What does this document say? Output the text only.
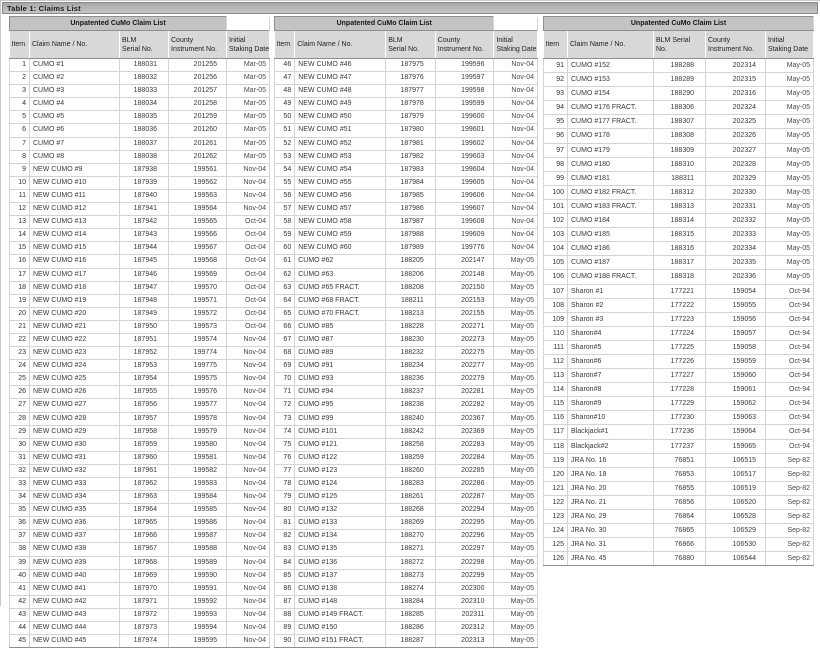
Table 1: Claims List
Unpatented CuMo Claim List				

Item	Claim Name / No.

BLM
Serial No.

County
Instrument No.

Initial
Staking Date

1	CUMO #1	188031	201255	Mar-05
2	CUMO #2	188032	201256	Mar-05
3	CUMO #3	188033	201257	Mar-05
4	CUMO #4	188034	201258	Mar-05
5	CUMO #5	188035	201259	Mar-05
6	CUMO #6	188036	201260	Mar-05
7	CUMO #7	188037	201261	Mar-05
8	CUMO #8	188038	201262	Mar-05
9	NEW CUMO #9	187938	199561	Nov-04
10	NEW CUMO #10	187939	199562	Nov-04
11	NEW CUMO #11	187940	199563	Nov-04
12	NEW CUMO #12	187941	199564	Nov-04
13	NEW CUMO #13	187942	199565	Oct-04
14	NEW CUMO #14	187943	199566	Oct-04
15	NEW CUMO #15	187944	199567	Oct-04
16	NEW CUMO #16	187945	199568	Oct-04
17	NEW CUMO #17	187946	199569	Oct-04
18	NEW CUMO #18	187947	199570	Oct-04
19	NEW CUMO #19	187948	199571	Oct-04
20	NEW CUMO #20	187949	199572	Oct-04
21	NEW CUMO #21	187950	199573	Oct-04
22	NEW CUMO #22	187951	199574	Nov-04
23	NEW CUMO #23	187952	199774	Nov-04
24	NEW CUMO #24	187953	199775	Nov-04
25	NEW CUMO #25	187954	199575	Nov-04
26	NEW CUMO #26	187955	199576	Nov-04
27	NEW CUMO #27	187956	199577	Nov-04
28	NEW CUMO #28	187957	199578	Nov-04
29	NEW CUMO #29	187958	199579	Nov-04
30	NEW CUMO #30	187959	199580	Nov-04
31	NEW CUMO #31	187960	199581	Nov-04
32	NEW CUMO #32	187961	199582	Nov-04
33	NEW CUMO #33	187962	199583	Nov-04
34	NEW CUMO #34	187963	199584	Nov-04
35	NEW CUMO #35	187964	199585	Nov-04
36	NEW CUMO #36	187965	199586	Nov-04
37	NEW CUMO #37	187966	199587	Nov-04
38	NEW CUMO #38	187967	199588	Nov-04
39	NEW CUMO #39	187968	199589	Nov-04
40	NEW CUMO #40	187969	199590	Nov-04
41	NEW CUMO #41	187970	199591	Nov-04
42	NEW CUMO #42	187971	199592	Nov-04
43	NEW CUMO #43	187972	199593	Nov-04
44	NEW CUMO #44	187973	199594	Nov-04
45	NEW CUMO #45	187974	199595	Nov-04
Unpatented CuMo Claim List				

Item	Claim Name / No.

BLM
Serial No.

County
Instrument No.

Initial
Staking Date

46	NEW CUMO #46	187975	199596	Nov-04
47	NEW CUMO #47	187976	199597	Nov-04
48	NEW CUMO #48	187977	199598	Nov-04
49	NEW CUMO #49	187978	199599	Nov-04
50	NEW CUMO #50	187979	199600	Nov-04
51	NEW CUMO #51	187980	199601	Nov-04
52	NEW CUMO #52	187981	199602	Nov-04
53	NEW CUMO #53	187982	199603	Nov-04
54	NEW CUMO #54	187983	199604	Nov-04
55	NEW CUMO #55	187984	199605	Nov-04
56	NEW CUMO #56	187985	199606	Nov-04
57	NEW CUMO #57	187986	199607	Nov-04
58	NEW CUMO #58	187987	199608	Nov-04
59	NEW CUMO #59	187988	199609	Nov-04
60	NEW CUMO #60	187989	199776	Nov-04
61	CUMO #62	188205	202147	May-05
62	CUMO #63	188206	202148	May-05
63	CUMO #65 FRACT.	188208	202150	May-05
64	CUMO #68 FRACT.	188211	202153	May-05
65	CUMO #70 FRACT.	188213	202155	May-05
66	CUMO #85	188228	202271	May-05
67	CUMO #87	188230	202273	May-05
68	CUMO #89	188232	202275	May-05
69	CUMO #91	188234	202277	May-05
70	CUMO #93	188236	202279	May-05
71	CUMO #94	188237	202281	May-05
72	CUMO #95	188238	202282	May-05
73	CUMO #99	188240	202367	May-05
74	CUMO #101	188242	202369	May-05
75	CUMO #121	188258	202283	May-05
76	CUMO #122	188259	202284	May-05
77	CUMO #123	188260	202285	May-05
78	CUMO #124	188283	202286	May-05
79	CUMO #125	188261	202287	May-05
80	CUMO #132	188268	202294	May-05
81	CUMO #133	188269	202295	May-05
82	CUMO #134	188270	202296	May-05
83	CUMO #135	188271	202297	May-05
84	CUMO #136	188272	202298	May-05
85	CUMO #137	188273	202299	May-05
86	CUMO #138	188274	202300	May-05
87	CUMO #148	188284	202310	May-05
88	CUMO #149 FRACT.	188285	202311	May-05
89	CUMO #150	188286	202312	May-05
90	CUMO #151 FRACT.	188287	202313	May-05
Unpatented CuMo Claim List				

Item	Claim Name / No.

BLM Serial
No.

County
Instrument No.

Initial
Staking Date

91	CUMO #152	188288	202314	May-05
92	CUMO #153	188289	202315	May-05
93	CUMO #154	188290	202316	May-05
94	CUMO #176 FRACT.	188306	202324	May-05
95	CUMO #177 FRACT.	188307	202325	May-05
96	CUMO #178	188308	202326	May-05
97	CUMO #179	188309	202327	May-05
98	CUMO #180	188310	202328	May-05
99	CUMO #181	188311	202329	May-05
100	CUMO #182 FRACT.	188312	202330	May-05
101	CUMO #183 FRACT.	188313	202331	May-05
102	CUMO #184	188314	202332	May-05
103	CUMO #185	188315	202333	May-05
104	CUMO #186	188316	202334	May-05
105	CUMO #187	188317	202335	May-05
106	CUMO #188 FRACT.	188318	202336	May-05
107	Sharon #1	177221	159054	Oct-94
108	Sharon #2	177222	159055	Oct-94
109	Sharon #3	177223	159056	Oct-94
110	Sharon#4	177224	159057	Oct-94
111	Sharon#5	177225	159058	Oct-94
112	Sharon#6	177226	159059	Oct-94
113	Sharon#7	177227	159060	Oct-94
114	Sharon#8	177228	159061	Oct-94
115	Sharon#9	177229	159062	Oct-94
116	Sharon#10	177230	159063	Oct-94
117	Blackjack#1	177236	159064	Oct-94
118	Blackjack#2	177237	159065	Oct-94
119	JRA No. 16	76851	106515	Sep-82
120	JRA No. 18	76853	106517	Sep-82
121	JRA No. 20	76855	106519	Sep-82
122	JRA No. 21	76856	106520	Sep-82
123	JRA No. 29	76864	106528	Sep-82
124	JRA No. 30	76865	106529	Sep-82
125	JRA No. 31	76866	106530	Sep-82
126	JRA No. 45	76880	106544	Sep-82
